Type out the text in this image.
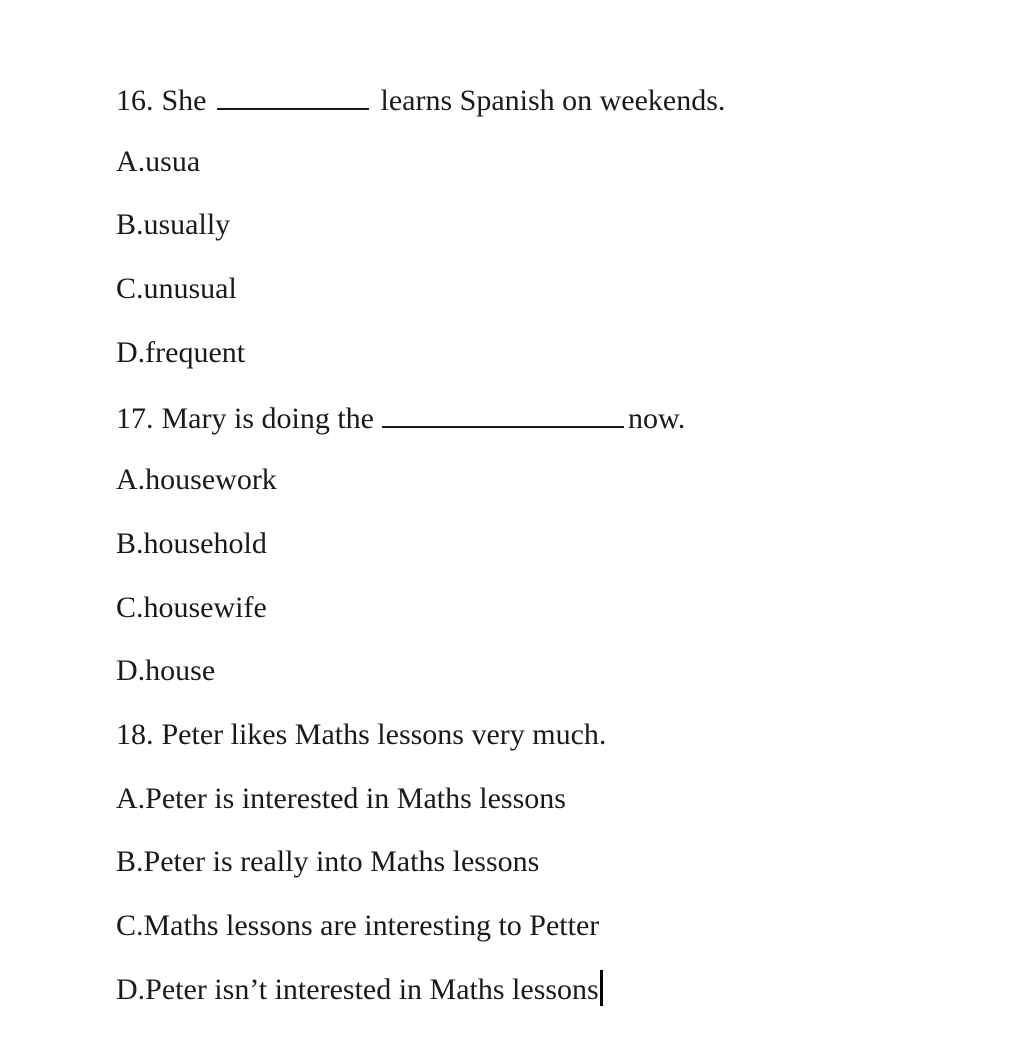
16. She	learns Spanish on weekends.
A.usua
B.usually
C.unusual
D.frequent
17. Mary is doing the	now.
A.housework
B.household
C.housewife
D.house
18. Peter likes Maths lessons very much.
A.Peter is interested in Maths lessons
B.Peter is really into Maths lessons
C.Maths lessons are interesting to Petter
D.Peter isn’t interested in Maths lessons
